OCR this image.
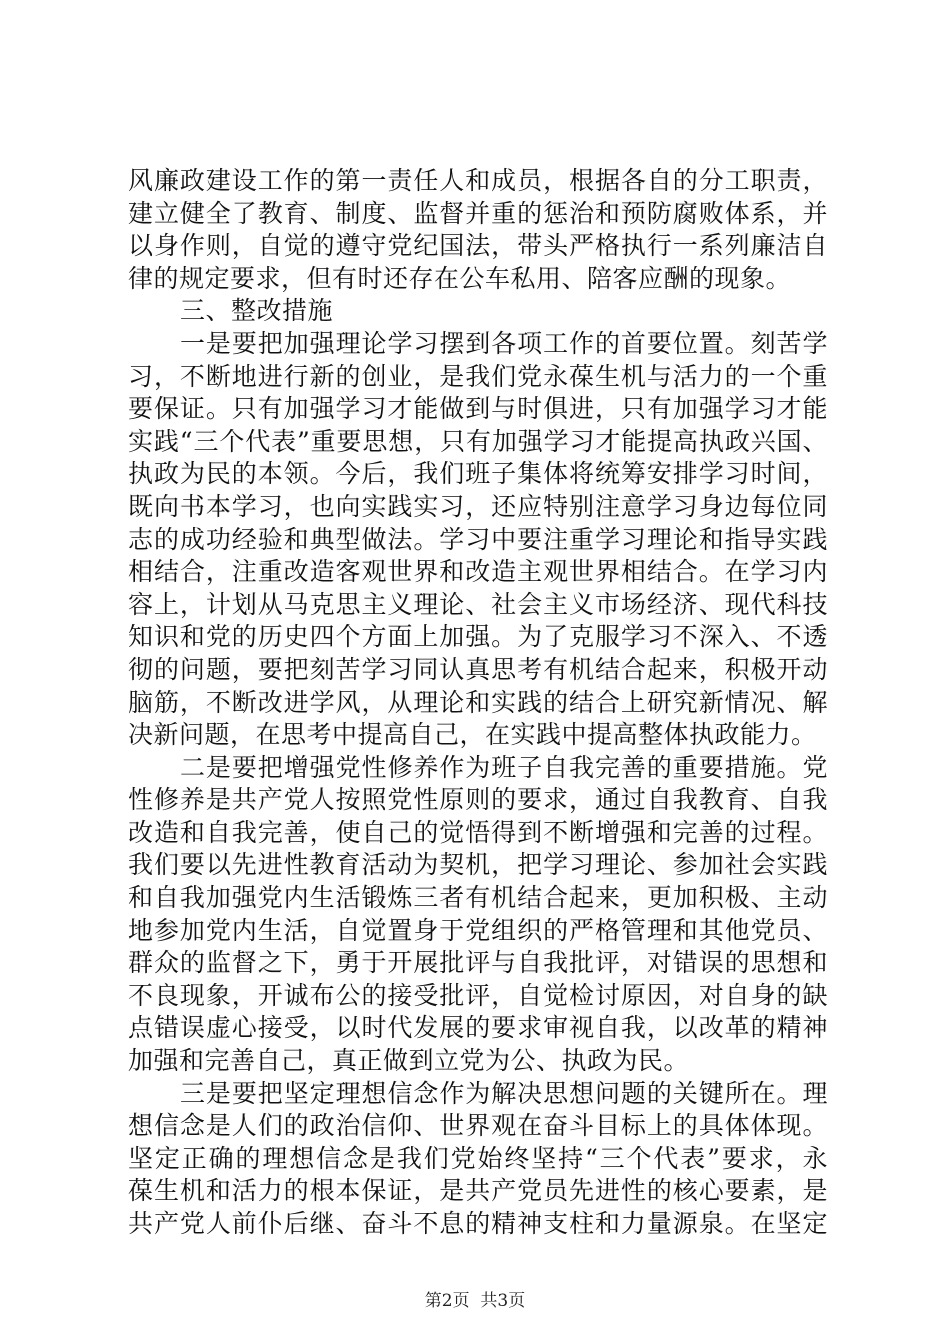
风廉政建设工作的第一责任人和成员，根据各自的分工职责，
建立健全了教育、制度、监督并重的惩治和预防腐败体系，并
以身作则，自觉的遵守党纪国法，带头严格执行一系列廉洁自
律的规定要求，但有时还存在公车私用、陪客应酬的现象。
三、整改措施
一是要把加强理论学习摆到各项工作的首要位置。刻苦学
习，不断地进行新的创业，是我们党永葆生机与活力的一个重
要保证。只有加强学习才能做到与时俱进，只有加强学习才能
实践“三个代表”重要思想，只有加强学习才能提高执政兴国、
执政为民的本领。今后，我们班子集体将统筹安排学习时间，
既向书本学习，也向实践实习，还应特别注意学习身边每位同
志的成功经验和典型做法。学习中要注重学习理论和指导实践
相结合，注重改造客观世界和改造主观世界相结合。在学习内
容上，计划从马克思主义理论、社会主义市场经济、现代科技
知识和党的历史四个方面上加强。为了克服学习不深入、不透
彻的问题，要把刻苦学习同认真思考有机结合起来，积极开动
脑筋，不断改进学风，从理论和实践的结合上研究新情况、解
决新问题，在思考中提高自己，在实践中提高整体执政能力。
二是要把增强党性修养作为班子自我完善的重要措施。党
性修养是共产党人按照党性原则的要求，通过自我教育、自我
改造和自我完善，使自己的觉悟得到不断增强和完善的过程。
我们要以先进性教育活动为契机，把学习理论、参加社会实践
和自我加强党内生活锻炼三者有机结合起来，更加积极、主动
地参加党内生活，自觉置身于党组织的严格管理和其他党员、
群众的监督之下，勇于开展批评与自我批评，对错误的思想和
不良现象，开诚布公的接受批评，自觉检讨原因，对自身的缺
点错误虚心接受，以时代发展的要求审视自我，以改革的精神
加强和完善自己，真正做到立党为公、执政为民。
三是要把坚定理想信念作为解决思想问题的关键所在。理
想信念是人们的政治信仰、世界观在奋斗目标上的具体体现。
坚定正确的理想信念是我们党始终坚持“三个代表”要求，永
葆生机和活力的根本保证，是共产党员先进性的核心要素，是
共产党人前仆后继、奋斗不息的精神支柱和力量源泉。在坚定
第2页  共3页
